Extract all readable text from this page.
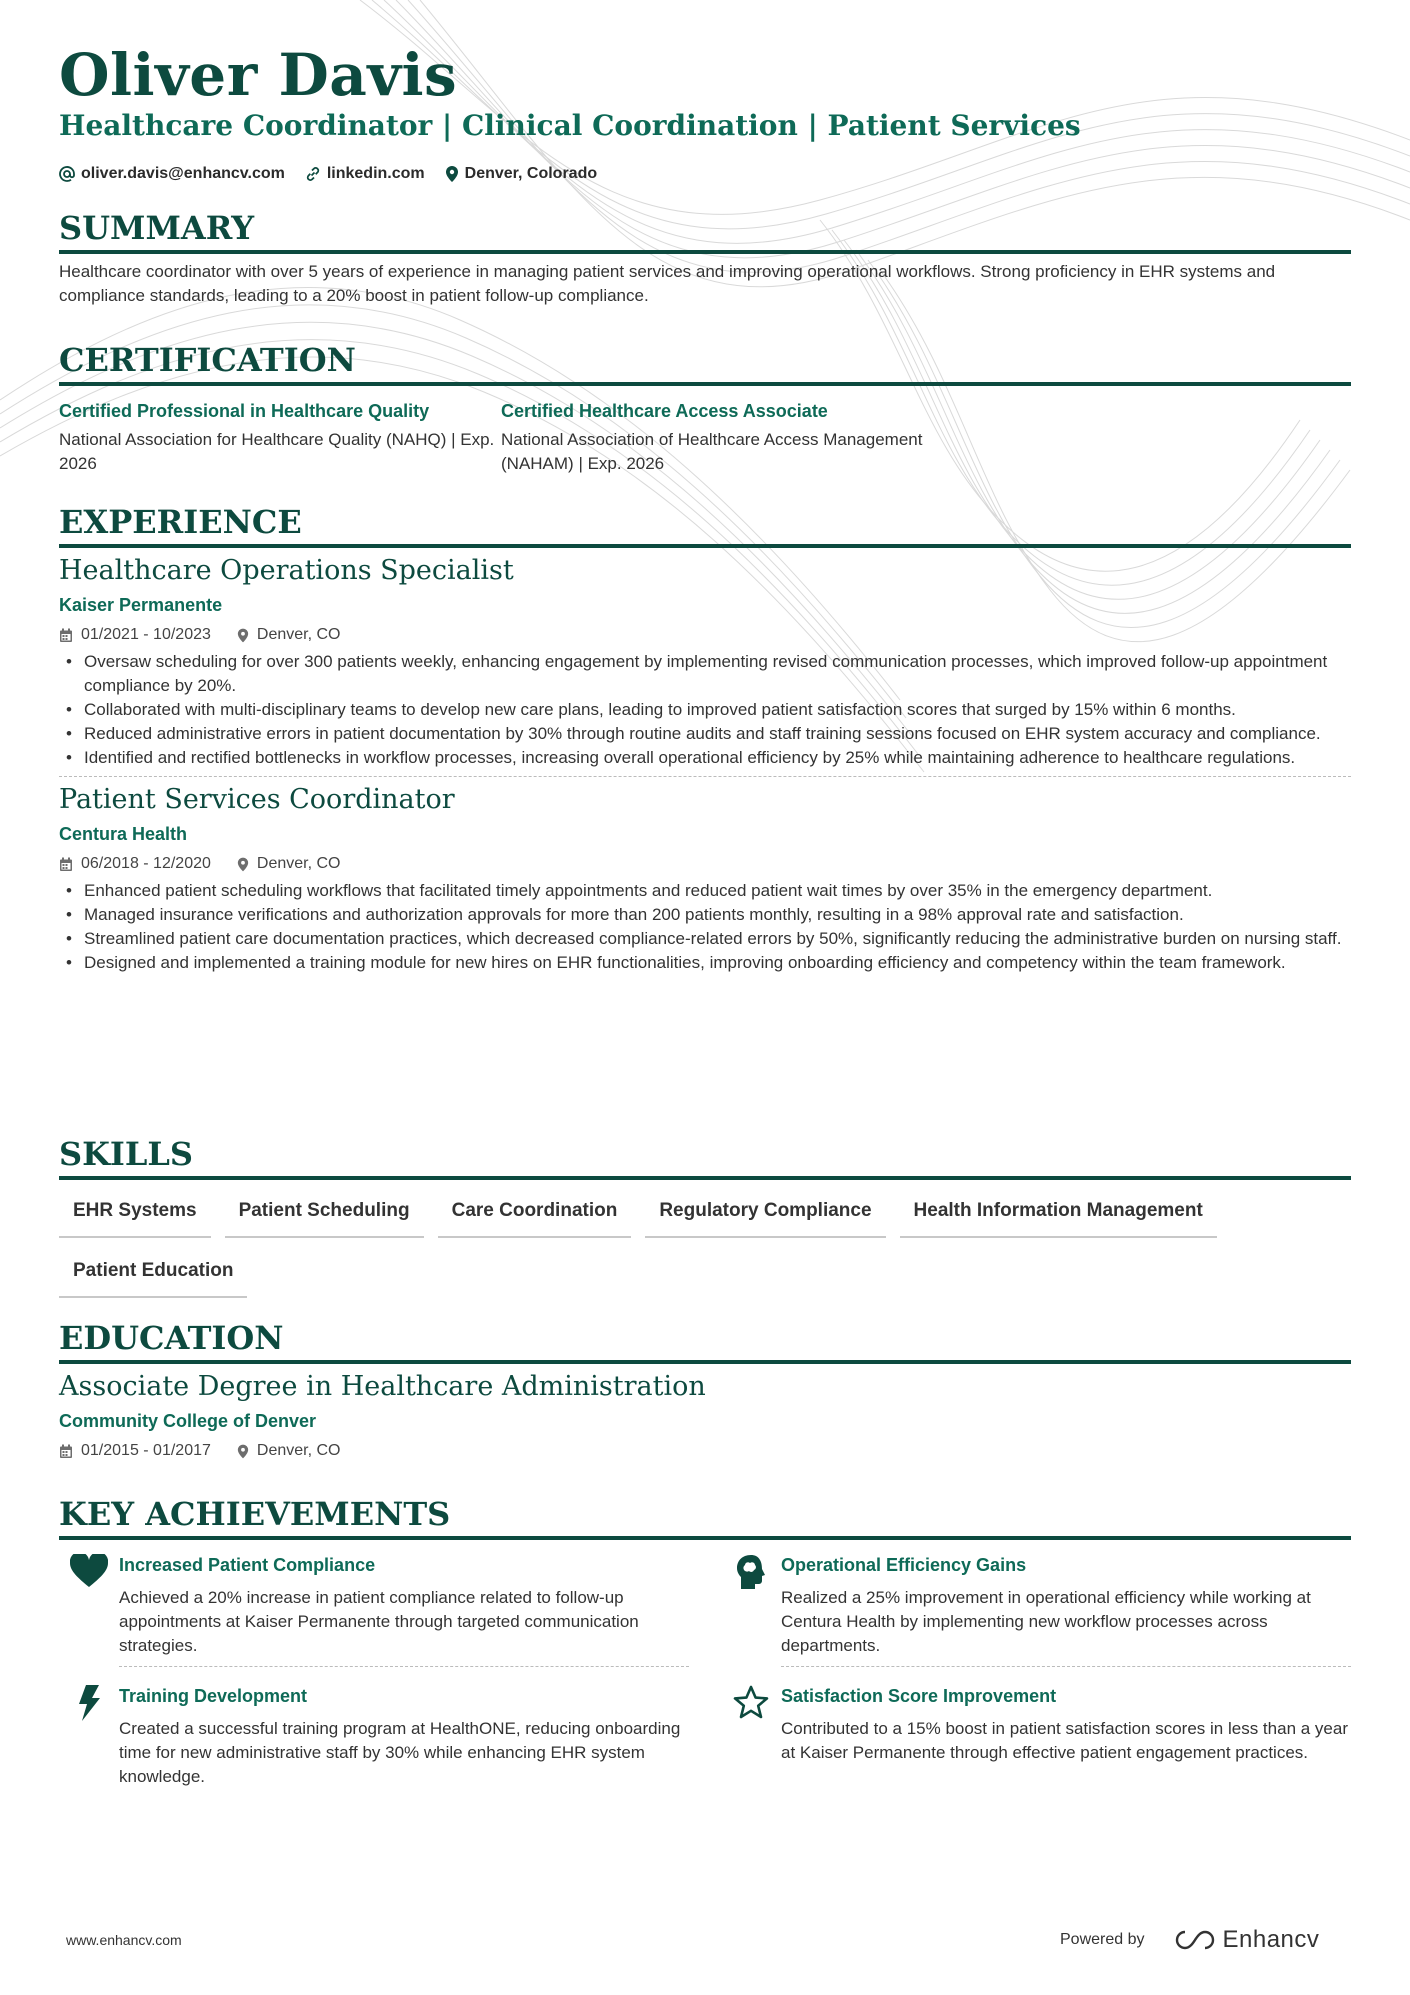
Oliver Davis
Healthcare Coordinator | Clinical Coordination | Patient Services
oliver.davis@enhancv.com	linkedin.com	Denver, Colorado
SUMMARY
Healthcare coordinator with over 5 years of experience in managing patient services and improving operational workflows. Strong proficiency in EHR systems and compliance standards, leading to a 20% boost in patient follow-up compliance.
CERTIFICATION
Certified Professional in Healthcare Quality
National Association for Healthcare Quality (NAHQ) | Exp. 2026
Certified Healthcare Access Associate
National Association of Healthcare Access Management (NAHAM) | Exp. 2026
EXPERIENCE
Healthcare Operations Specialist
Kaiser Permanente
01/2021 - 10/2023	Denver, CO
• Oversaw scheduling for over 300 patients weekly, enhancing engagement by implementing revised communication processes, which improved follow-up appointment compliance by 20%.
• Collaborated with multi-disciplinary teams to develop new care plans, leading to improved patient satisfaction scores that surged by 15% within 6 months.
• Reduced administrative errors in patient documentation by 30% through routine audits and staff training sessions focused on EHR system accuracy and compliance.
• Identified and rectified bottlenecks in workflow processes, increasing overall operational efficiency by 25% while maintaining adherence to healthcare regulations.
Patient Services Coordinator
Centura Health
06/2018 - 12/2020	Denver, CO
• Enhanced patient scheduling workflows that facilitated timely appointments and reduced patient wait times by over 35% in the emergency department.
• Managed insurance verifications and authorization approvals for more than 200 patients monthly, resulting in a 98% approval rate and satisfaction.
• Streamlined patient care documentation practices, which decreased compliance-related errors by 50%, significantly reducing the administrative burden on nursing staff.
• Designed and implemented a training module for new hires on EHR functionalities, improving onboarding efficiency and competency within the team framework.
SKILLS
EHR Systems	Patient Scheduling	Care Coordination	Regulatory Compliance	Health Information Management
Patient Education
EDUCATION
Associate Degree in Healthcare Administration
Community College of Denver
01/2015 - 01/2017	Denver, CO
KEY ACHIEVEMENTS
Increased Patient Compliance
Achieved a 20% increase in patient compliance related to follow-up appointments at Kaiser Permanente through targeted communication strategies.
Operational Efficiency Gains
Realized a 25% improvement in operational efficiency while working at Centura Health by implementing new workflow processes across departments.
Training Development
Created a successful training program at HealthONE, reducing onboarding time for new administrative staff by 30% while enhancing EHR system knowledge.
Satisfaction Score Improvement
Contributed to a 15% boost in patient satisfaction scores in less than a year at Kaiser Permanente through effective patient engagement practices.
www.enhancv.com	Powered by	Enhancv
